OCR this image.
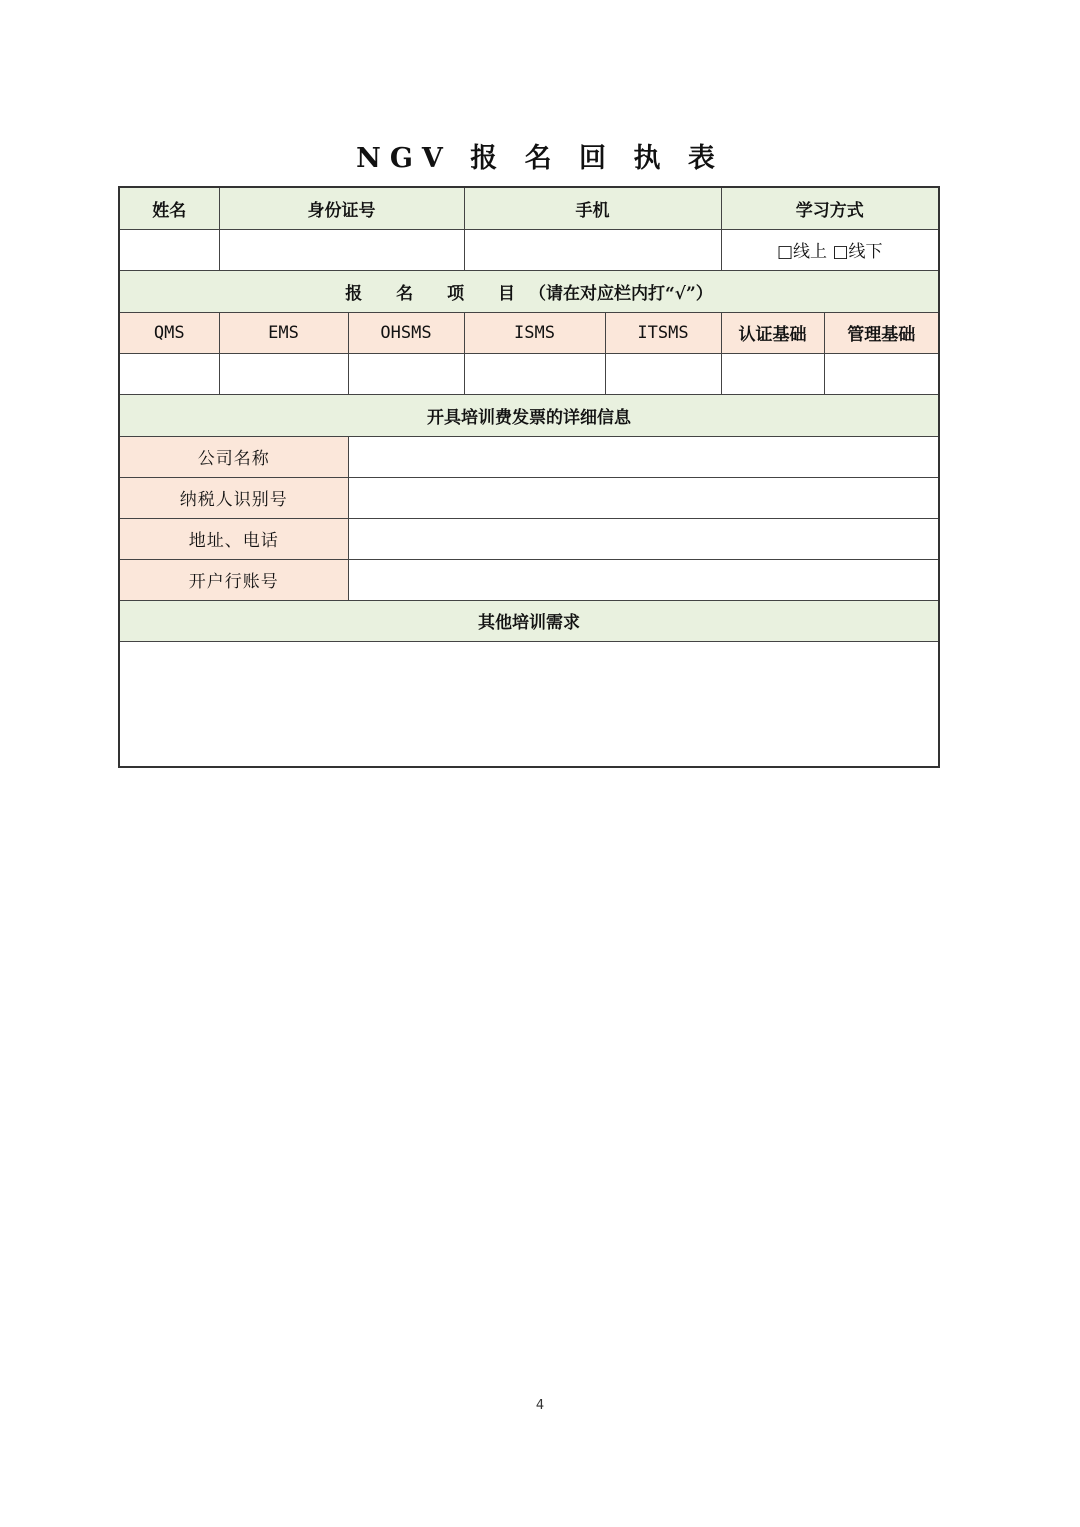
NGV 报 名 回 执 表
姓名	身份证号		手机		学习方式	
					□线上 □线下	
报 名 项 目（请在对应栏内打“√”）						
QMS	EMS	OHSMS	ISMS	ITSMS	认证基础	管理基础

开具培训费发票的详细信息						
公司名称						
纳税人识别号						
地址、电话						
开户行账号						
其他培训需求						

4
